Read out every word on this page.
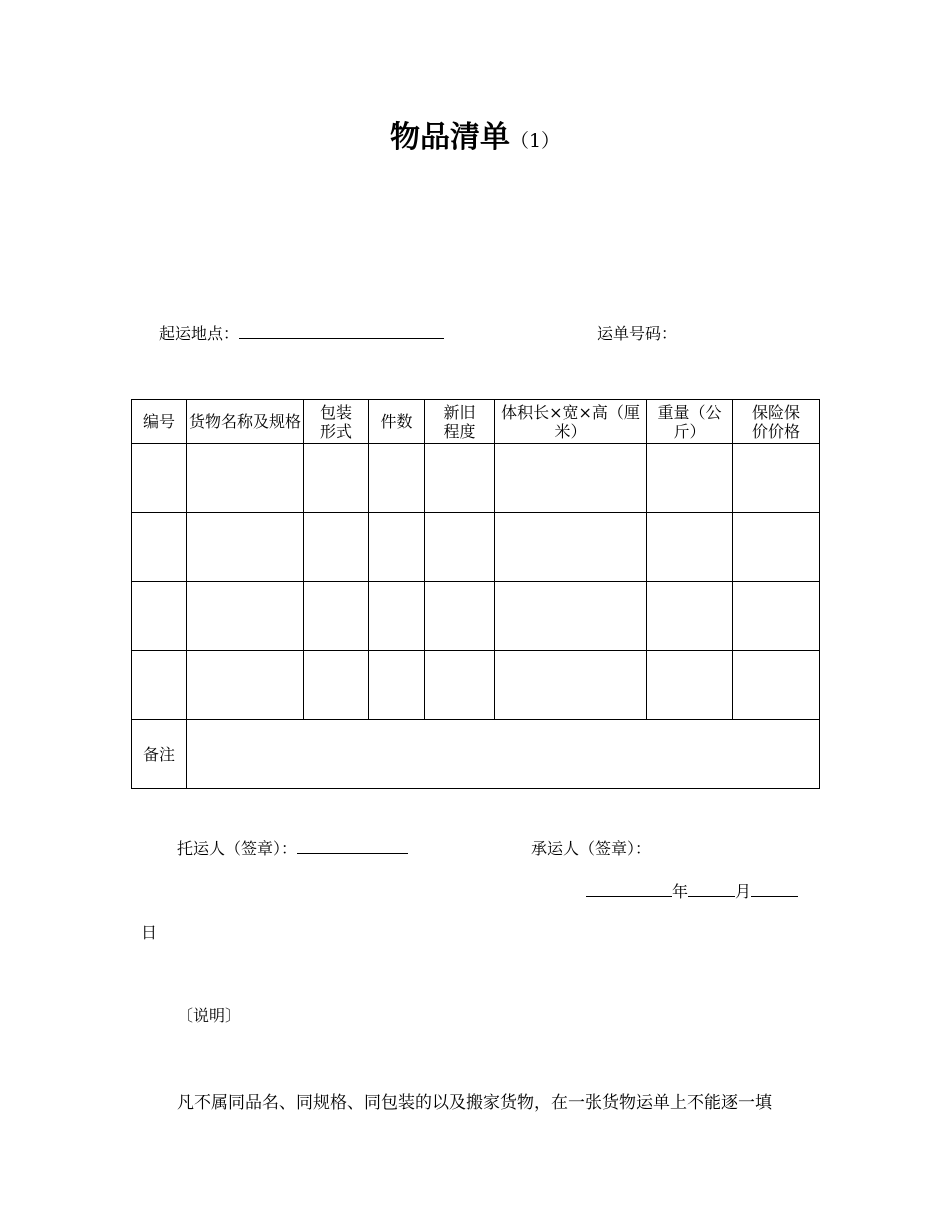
物品清单（1）
起运地点：	运单号码：
编号	货物名称及规格	包装形式	件数	新旧程度	体积长×宽×高（厘米）	重量（公斤）	保险保价价格

备注							
托运人（签章）：	承运人（签章）：
年	月
日
〔说明〕
凡不属同品名、同规格、同包装的以及搬家货物，在一张货物运单上不能逐一填
